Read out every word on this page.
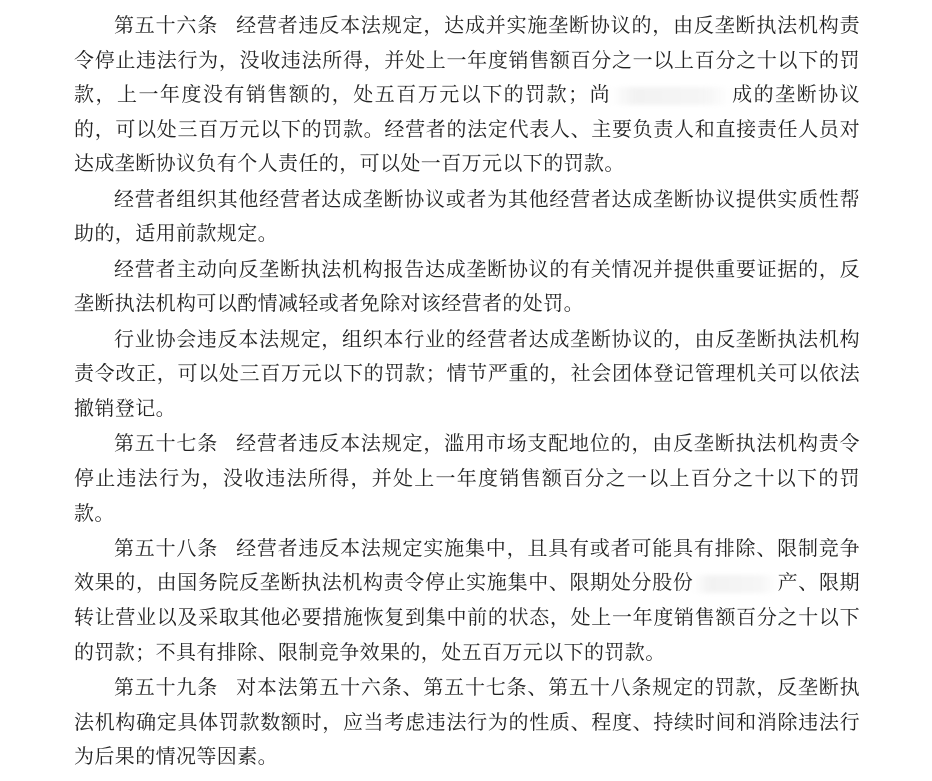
第五十六条 经营者违反本法规定，达成并实施垄断协议的，由反垄断执法机构责令停止违法行为，没收违法所得，并处上一年度销售额百分之一以上百分之十以下的罚款，上一年度没有销售额的，处五百万元以下的罚款；尚	成的垄断协议的，可以处三百万元以下的罚款。经营者的法定代表人、主要负责人和直接责任人员对达成垄断协议负有个人责任的，可以处一百万元以下的罚款。

经营者组织其他经营者达成垄断协议或者为其他经营者达成垄断协议提供实质性帮助的，适用前款规定。

经营者主动向反垄断执法机构报告达成垄断协议的有关情况并提供重要证据的，反垄断执法机构可以酌情减轻或者免除对该经营者的处罚。

行业协会违反本法规定，组织本行业的经营者达成垄断协议的，由反垄断执法机构责令改正，可以处三百万元以下的罚款；情节严重的，社会团体登记管理机关可以依法撤销登记。

第五十七条 经营者违反本法规定，滥用市场支配地位的，由反垄断执法机构责令停止违法行为，没收违法所得，并处上一年度销售额百分之一以上百分之十以下的罚款。

第五十八条 经营者违反本法规定实施集中，且具有或者可能具有排除、限制竞争效果的，由国务院反垄断执法机构责令停止实施集中、限期处分股份	产、限期转让营业以及采取其他必要措施恢复到集中前的状态，处上一年度销售额百分之十以下的罚款；不具有排除、限制竞争效果的，处五百万元以下的罚款。

第五十九条 对本法第五十六条、第五十七条、第五十八条规定的罚款，反垄断执法机构确定具体罚款数额时，应当考虑违法行为的性质、程度、持续时间和消除违法行为后果的情况等因素。
